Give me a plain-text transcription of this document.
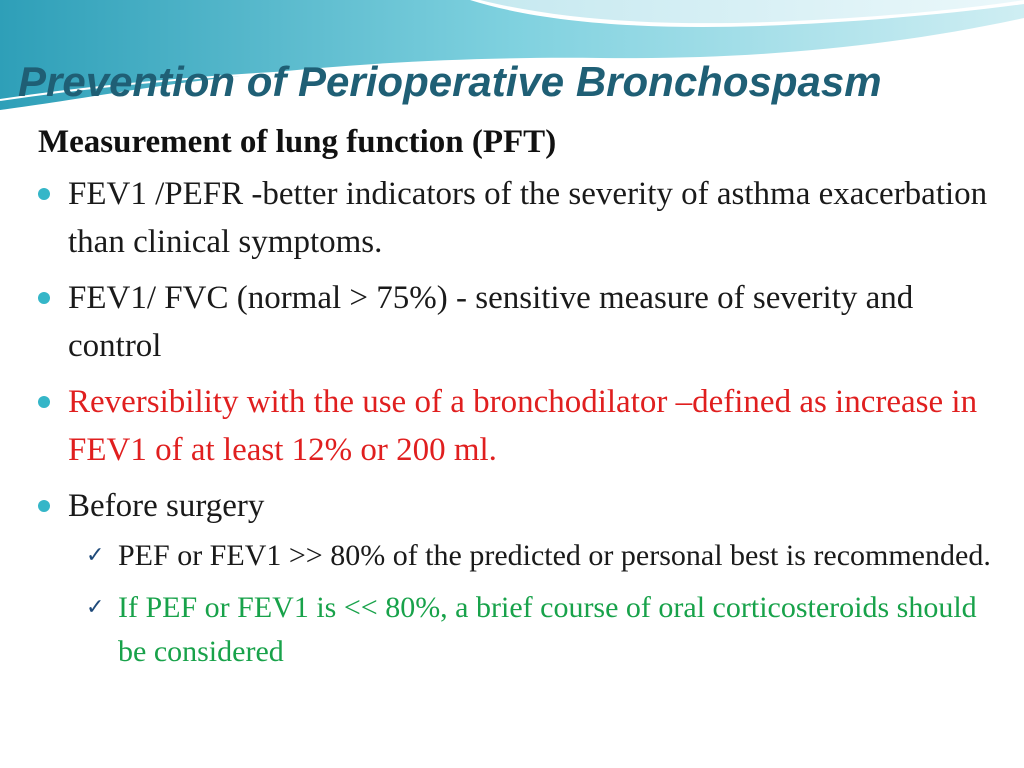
Prevention of Perioperative Bronchospasm
Measurement of lung function (PFT)
FEV1 /PEFR -better indicators of the severity of asthma exacerbation than clinical symptoms.
FEV1/ FVC (normal > 75%) - sensitive measure of severity and control
Reversibility with the use of a bronchodilator –defined as increase in FEV1 of at least 12% or 200 ml.
Before surgery
✓ PEF or FEV1 >> 80% of the predicted or personal best is recommended.
✓ If PEF or FEV1 is << 80%, a brief course of oral corticosteroids should be considered
